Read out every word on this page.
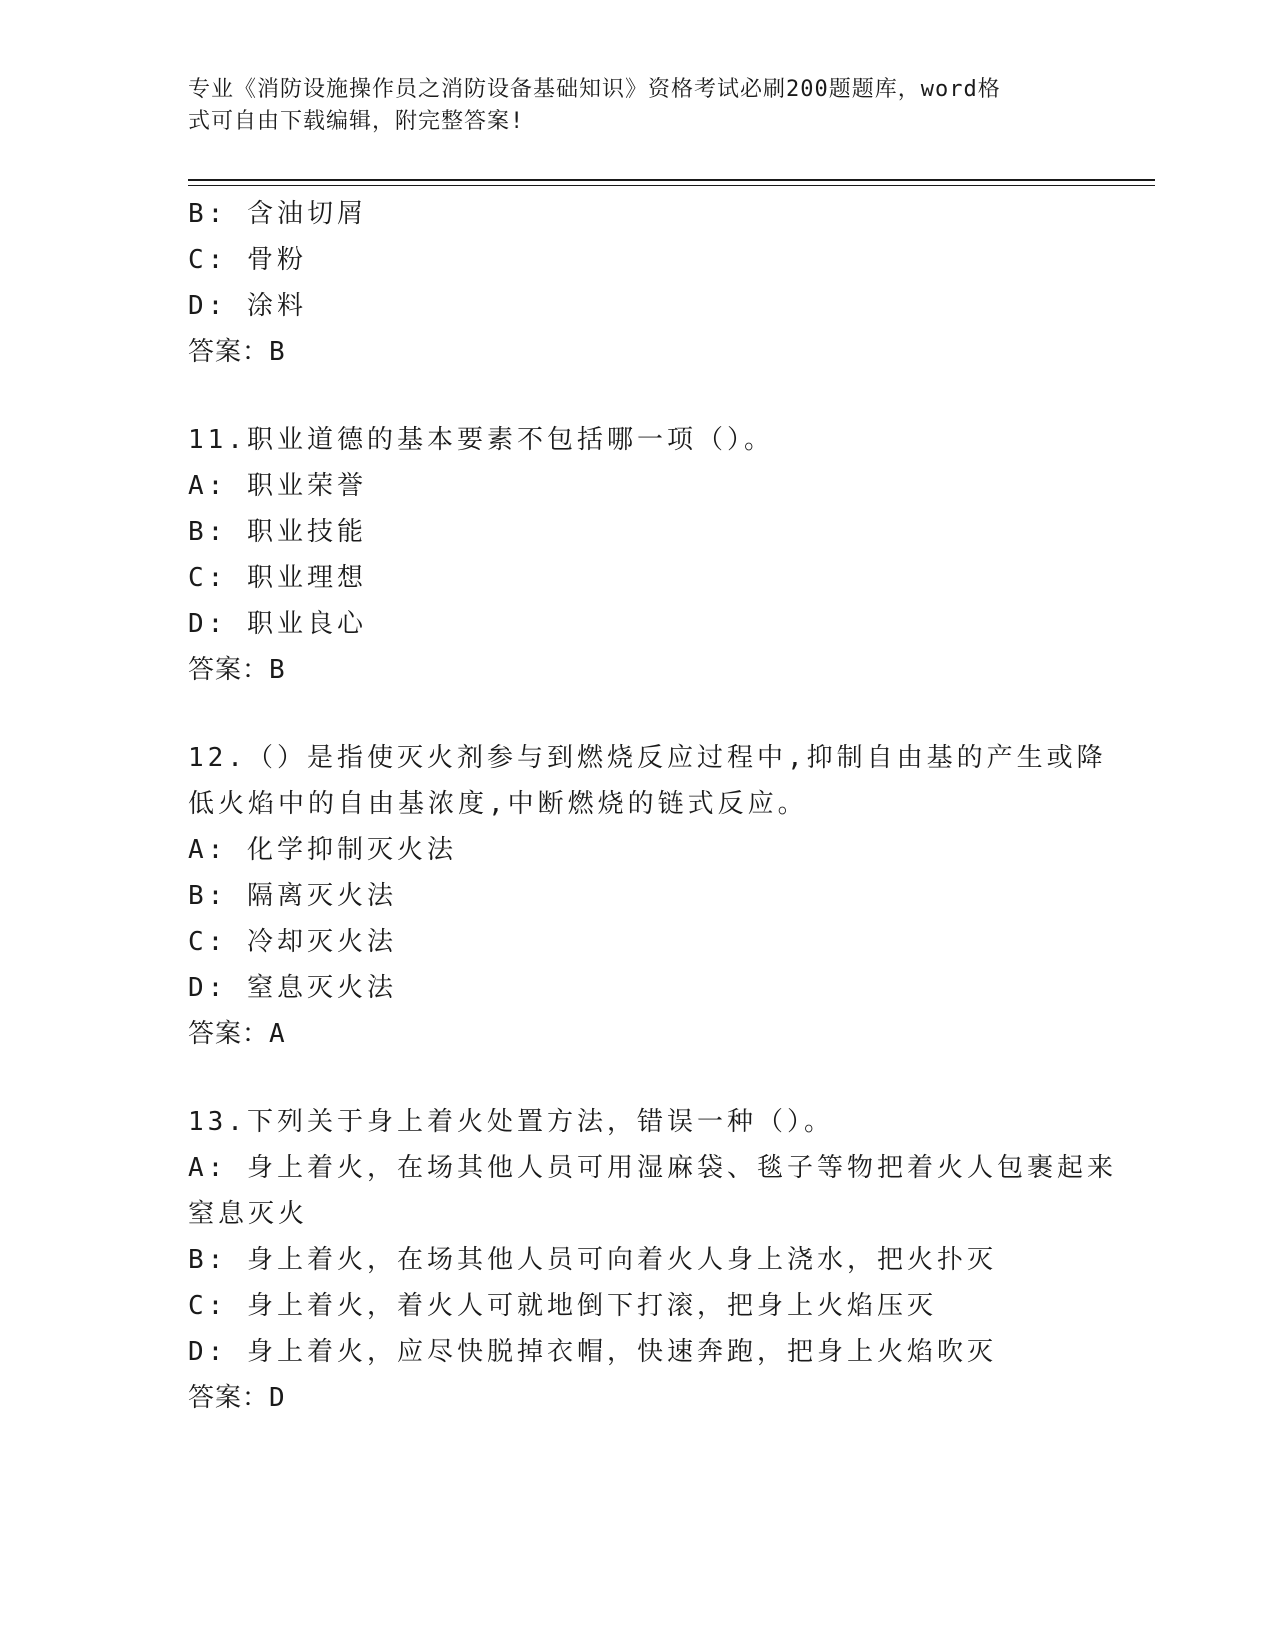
专业《消防设施操作员之消防设备基础知识》资格考试必刷200题题库，word格
式可自由下载编辑，附完整答案!
B: 含油切屑
C: 骨粉
D: 涂料
答案：B
11.职业道德的基本要素不包括哪一项（）。
A: 职业荣誉
B: 职业技能
C: 职业理想
D: 职业良心
答案：B
12.（）是指使灭火剂参与到燃烧反应过程中,抑制自由基的产生或降
低火焰中的自由基浓度,中断燃烧的链式反应。
A: 化学抑制灭火法
B: 隔离灭火法
C: 冷却灭火法
D: 窒息灭火法
答案：A
13.下列关于身上着火处置方法，错误一种（）。
A: 身上着火，在场其他人员可用湿麻袋、毯子等物把着火人包裹起来
窒息灭火
B: 身上着火，在场其他人员可向着火人身上浇水，把火扑灭
C: 身上着火，着火人可就地倒下打滚，把身上火焰压灭
D: 身上着火，应尽快脱掉衣帽，快速奔跑，把身上火焰吹灭
答案：D
